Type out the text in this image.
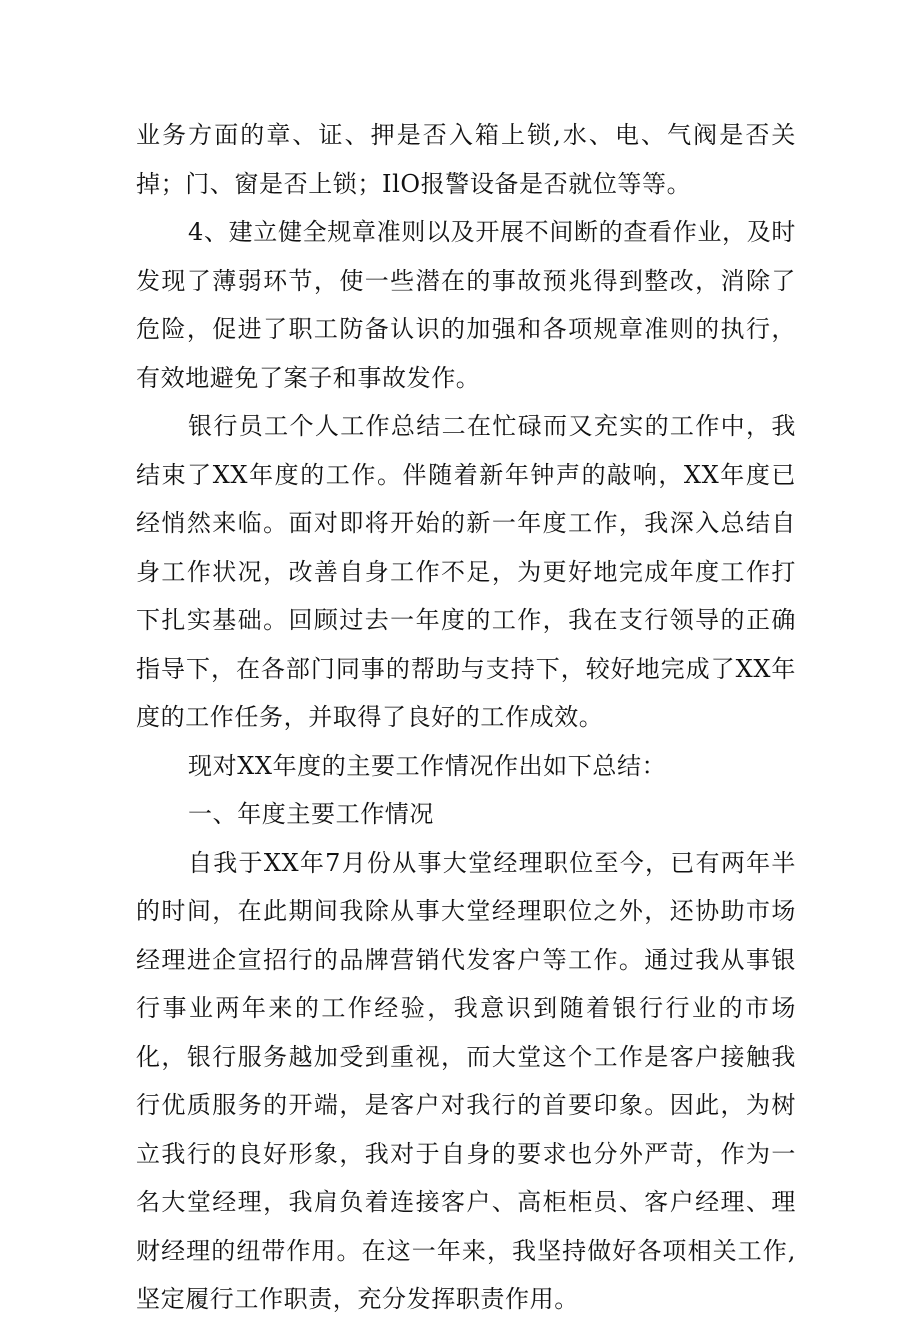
业务方面的章、证、押是否入箱上锁,水、电、气阀是否关掉；门、窗是否上锁；IlO报警设备是否就位等等。

4、建立健全规章准则以及开展不间断的查看作业，及时发现了薄弱环节，使一些潜在的事故预兆得到整改，消除了危险，促进了职工防备认识的加强和各项规章准则的执行，有效地避免了案子和事故发作。

银行员工个人工作总结二在忙碌而又充实的工作中，我结束了XX年度的工作。伴随着新年钟声的敲响，XX年度已经悄然来临。面对即将开始的新一年度工作，我深入总结自身工作状况，改善自身工作不足，为更好地完成年度工作打下扎实基础。回顾过去一年度的工作，我在支行领导的正确指导下，在各部门同事的帮助与支持下，较好地完成了XX年度的工作任务，并取得了良好的工作成效。

现对XX年度的主要工作情况作出如下总结：

一、年度主要工作情况

自我于XX年7月份从事大堂经理职位至今，已有两年半的时间，在此期间我除从事大堂经理职位之外，还协助市场经理进企宣招行的品牌营销代发客户等工作。通过我从事银行事业两年来的工作经验，我意识到随着银行行业的市场化，银行服务越加受到重视，而大堂这个工作是客户接触我行优质服务的开端，是客户对我行的首要印象。因此，为树立我行的良好形象，我对于自身的要求也分外严苛，作为一名大堂经理，我肩负着连接客户、高柜柜员、客户经理、理财经理的纽带作用。在这一年来，我坚持做好各项相关工作,坚定履行工作职责，充分发挥职责作用。
